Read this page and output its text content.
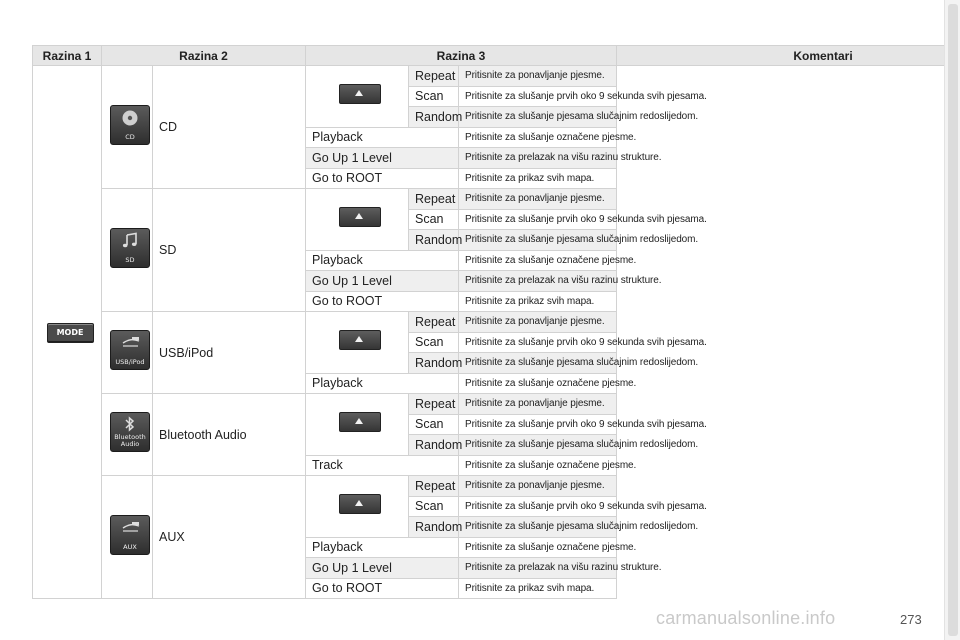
Razina 1	Razina 2		Razina 3			Komentari
MODE	CD	CD		Repeat	Pritisnite za ponavljanje pjesme.	
				Scan	Pritisnite za slušanje prvih oko 9 sekunda svih pjesama.	
				Random	Pritisnite za slušanje pjesama slučajnim redoslijedom.	
			Playback		Pritisnite za slušanje označene pjesme.	
			Go Up 1 Level		Pritisnite za prelazak na višu razinu strukture.	
			Go to ROOT		Pritisnite za prikaz svih mapa.	

	SD	SD		Repeat	Pritisnite za ponavljanje pjesme.	
				Scan	Pritisnite za slušanje prvih oko 9 sekunda svih pjesama.	
				Random	Pritisnite za slušanje pjesama slučajnim redoslijedom.	
			Playback		Pritisnite za slušanje označene pjesme.	
			Go Up 1 Level		Pritisnite za prelazak na višu razinu strukture.	
			Go to ROOT		Pritisnite za prikaz svih mapa.	

	USB/iPod	USB/iPod		Repeat	Pritisnite za ponavljanje pjesme.	
				Scan	Pritisnite za slušanje prvih oko 9 sekunda svih pjesama.	
				Random	Pritisnite za slušanje pjesama slučajnim redoslijedom.	
			Playback		Pritisnite za slušanje označene pjesme.	

	Bluetooth Audio	Bluetooth Audio		Repeat	Pritisnite za ponavljanje pjesme.	
				Scan	Pritisnite za slušanje prvih oko 9 sekunda svih pjesama.	
				Random	Pritisnite za slušanje pjesama slučajnim redoslijedom.	
			Track		Pritisnite za slušanje označene pjesme.	

	AUX	AUX		Repeat	Pritisnite za ponavljanje pjesme.	
				Scan	Pritisnite za slušanje prvih oko 9 sekunda svih pjesama.	
				Random	Pritisnite za slušanje pjesama slučajnim redoslijedom.	
			Playback		Pritisnite za slušanje označene pjesme.	
			Go Up 1 Level		Pritisnite za prelazak na višu razinu strukture.	
			Go to ROOT		Pritisnite za prikaz svih mapa.	
carmanualsonline.info	273
